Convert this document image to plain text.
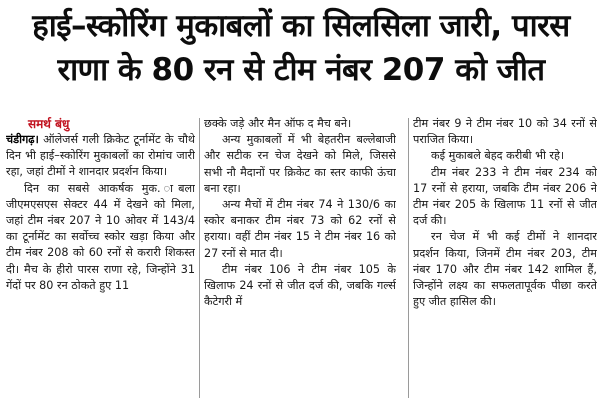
हाई–स्कोरिंग मुकाबलों का सिलसिला जारी, पारस
राणा के 80 रन से टीम नंबर 207 को जीत
समर्थ बंधु

चंडीगढ़। ऑलेजर्स गली क्रिकेट टूर्नामेंट के चौथे दिन भी हाई–स्कोरिंग मुकाबलों का रोमांच जारी रहा, जहां टीमों ने शानदार प्रदर्शन किया।

दिन का सबसे आकर्षक मुक. ाबला जीएमएसएस सेक्टर 44 में देखने को मिला, जहां टीम नंबर 207 ने 10 ओवर में 143/4 का टूर्नामेंट का सर्वोच्च स्कोर खड़ा किया और टीम नंबर 208 को 60 रनों से करारी शिकस्त दी। मैच के हीरो पारस राणा रहे, जिन्होंने 31 गेंदों पर 80 रन ठोकते हुए 11

छक्के जड़े और मैन ऑफ द मैच बने।

अन्य मुकाबलों में भी बेहतरीन बल्लेबाजी और सटीक रन चेज देखने को मिले, जिससे सभी नौ मैदानों पर क्रिकेट का स्तर काफी ऊंचा बना रहा।

अन्य मैचों में टीम नंबर 74 ने 130/6 का स्कोर बनाकर टीम नंबर 73 को 62 रनों से हराया। वहीं टीम नंबर 15 ने टीम नंबर 16 को 27 रनों से मात दी।

टीम नंबर 106 ने टीम नंबर 105 के खिलाफ 24 रनों से जीत दर्ज की, जबकि गर्ल्स कैटेगरी में

टीम नंबर 9 ने टीम नंबर 10 को 34 रनों से पराजित किया।

कई मुकाबले बेहद करीबी भी रहे।

टीम नंबर 233 ने टीम नंबर 234 को 17 रनों से हराया, जबकि टीम नंबर 206 ने टीम नंबर 205 के खिलाफ 11 रनों से जीत दर्ज की।

रन चेज में भी कई टीमों ने शानदार प्रदर्शन किया, जिनमें टीम नंबर 203, टीम नंबर 170 और टीम नंबर 142 शामिल हैं, जिन्होंने लक्ष्य का सफलतापूर्वक पीछा करते हुए जीत हासिल की।
